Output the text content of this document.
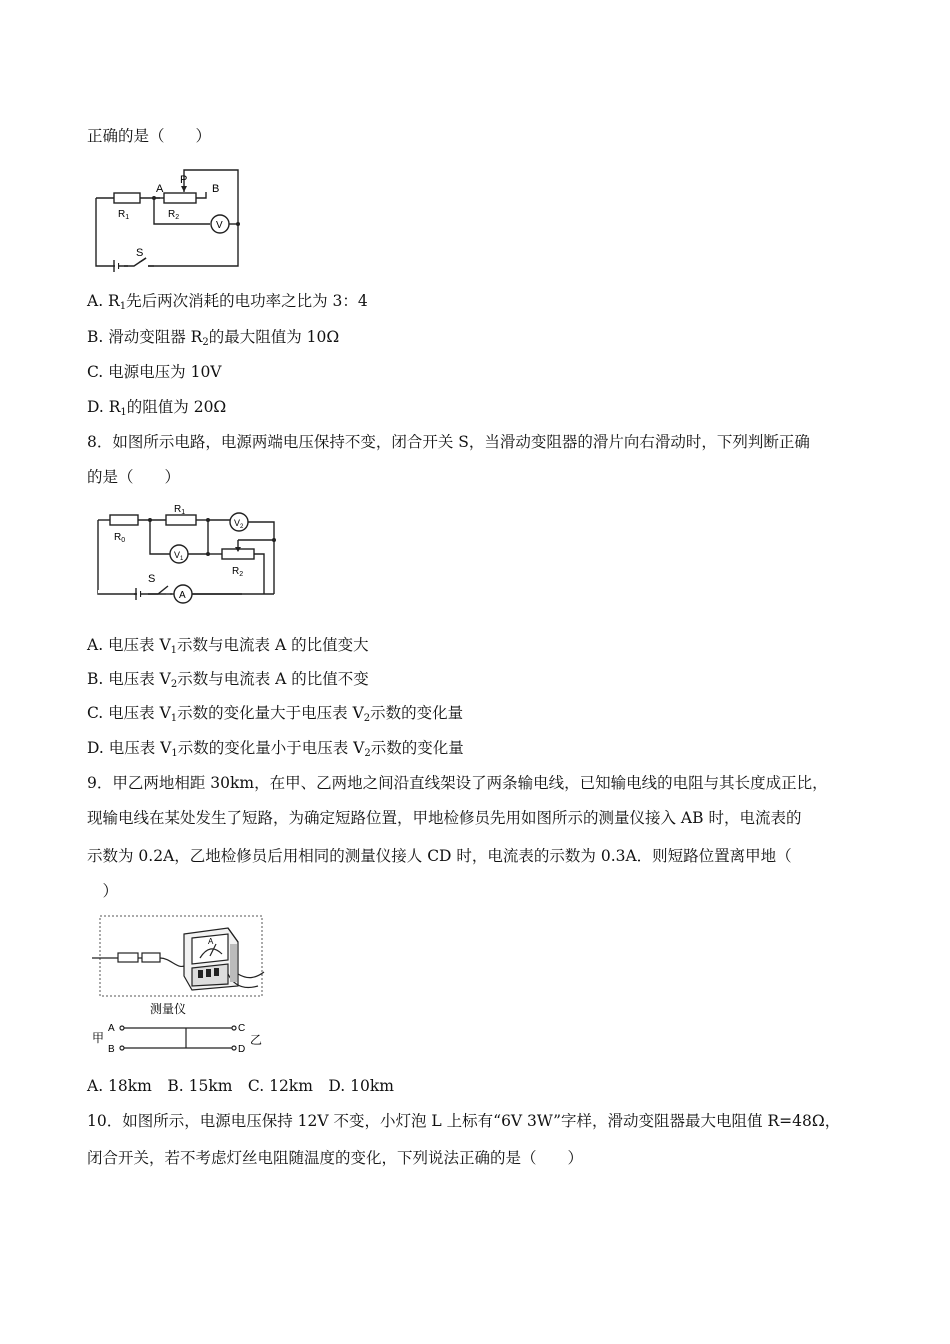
正确的是（　　）
A
P
B
$R_1$	$R_2$
V
S
A. $R_1$先后两次消耗的电功率之比为 3：4
B. 滑动变阻器 $R_2$的最大阻值为 10Ω
C. 电源电压为 10V
D. $R_1$的阻值为 20Ω
8．如图所示电路，电源两端电压保持不变，闭合开关 S，当滑动变阻器的滑片向右滑动时，下列判断正确
的是（　　）
$R_0$
$R_1$
$V_1$
$V_2$
$R_2$
S
A
A. 电压表 $V_1$示数与电流表 A 的比值变大
B. 电压表 $V_2$示数与电流表 A 的比值不变
C. 电压表 $V_1$示数的变化量大于电压表 $V_2$示数的变化量
D. 电压表 $V_1$示数的变化量小于电压表 $V_2$示数的变化量
9．甲乙两地相距 30km，在甲、乙两地之间沿直线架设了两条输电线，已知输电线的电阻与其长度成正比，
现输电线在某处发生了短路，为确定短路位置，甲地检修员先用如图所示的测量仪接入 AB 时，电流表的
示数为 0.2A，乙地检修员后用相同的测量仪接人 CD 时，电流表的示数为 0.3A．则短路位置离甲地（
　）
A
测量仪
甲
A
B
C
D
乙
A. 18km　B. 15km　C. 12km　D. 10km
10．如图所示，电源电压保持 12V 不变，小灯泡 L 上标有“6V 3W”字样，滑动变阻器最大电阻值 R=48Ω，
闭合开关，若不考虑灯丝电阻随温度的变化，下列说法正确的是（　　）
